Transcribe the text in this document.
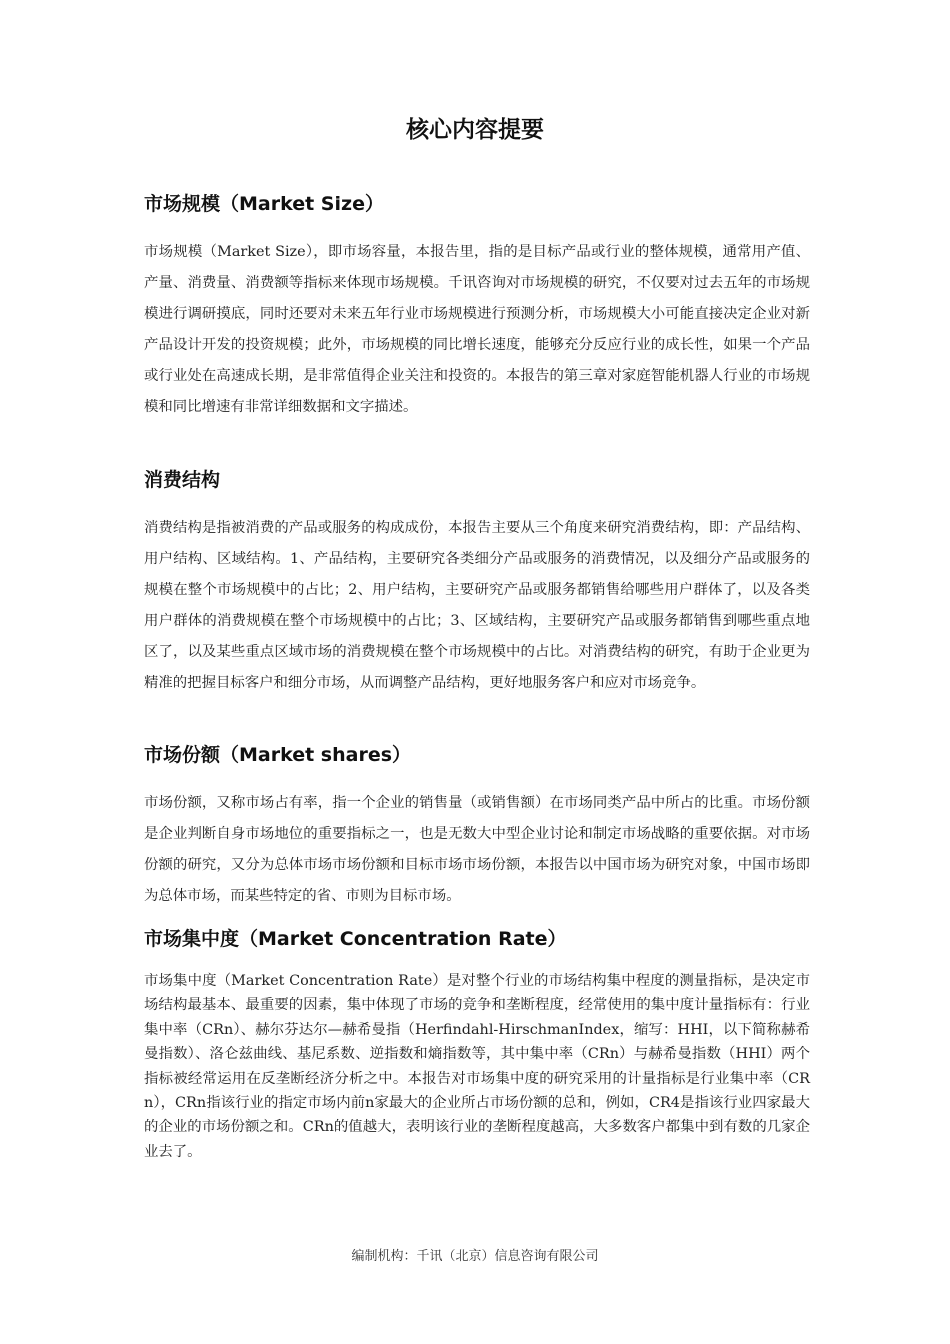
核心内容提要
市场规模（Market Size）
市场规模（Market Size），即市场容量，本报告里，指的是目标产品或行业的整体规模，通常用产值、产量、消费量、消费额等指标来体现市场规模。千讯咨询对市场规模的研究，不仅要对过去五年的市场规模进行调研摸底，同时还要对未来五年行业市场规模进行预测分析，市场规模大小可能直接决定企业对新产品设计开发的投资规模；此外，市场规模的同比增长速度，能够充分反应行业的成长性，如果一个产品或行业处在高速成长期，是非常值得企业关注和投资的。本报告的第三章对家庭智能机器人行业的市场规模和同比增速有非常详细数据和文字描述。
消费结构
消费结构是指被消费的产品或服务的构成成份，本报告主要从三个角度来研究消费结构，即：产品结构、用户结构、区域结构。1、产品结构，主要研究各类细分产品或服务的消费情况，以及细分产品或服务的规模在整个市场规模中的占比；2、用户结构，主要研究产品或服务都销售给哪些用户群体了，以及各类用户群体的消费规模在整个市场规模中的占比；3、区域结构，主要研究产品或服务都销售到哪些重点地区了，以及某些重点区域市场的消费规模在整个市场规模中的占比。对消费结构的研究，有助于企业更为精准的把握目标客户和细分市场，从而调整产品结构，更好地服务客户和应对市场竞争。
市场份额（Market shares）
市场份额，又称市场占有率，指一个企业的销售量（或销售额）在市场同类产品中所占的比重。市场份额是企业判断自身市场地位的重要指标之一，也是无数大中型企业讨论和制定市场战略的重要依据。对市场份额的研究，又分为总体市场市场份额和目标市场市场份额，本报告以中国市场为研究对象，中国市场即为总体市场，而某些特定的省、市则为目标市场。
市场集中度（Market Concentration Rate）
市场集中度（Market Concentration Rate）是对整个行业的市场结构集中程度的测量指标，是决定市场结构最基本、最重要的因素，集中体现了市场的竞争和垄断程度，经常使用的集中度计量指标有：行业集中率（CRn）、赫尔芬达尔—赫希曼指（Herfindahl-HirschmanIndex，缩写：HHI，以下简称赫希曼指数）、洛仑兹曲线、基尼系数、逆指数和熵指数等，其中集中率（CRn）与赫希曼指数（HHI）两个指标被经常运用在反垄断经济分析之中。本报告对市场集中度的研究采用的计量指标是行业集中率（CRn），CRn指该行业的指定市场内前n家最大的企业所占市场份额的总和，例如，CR4是指该行业四家最大的企业的市场份额之和。CRn的值越大，表明该行业的垄断程度越高，大多数客户都集中到有数的几家企业去了。
编制机构：千讯（北京）信息咨询有限公司
